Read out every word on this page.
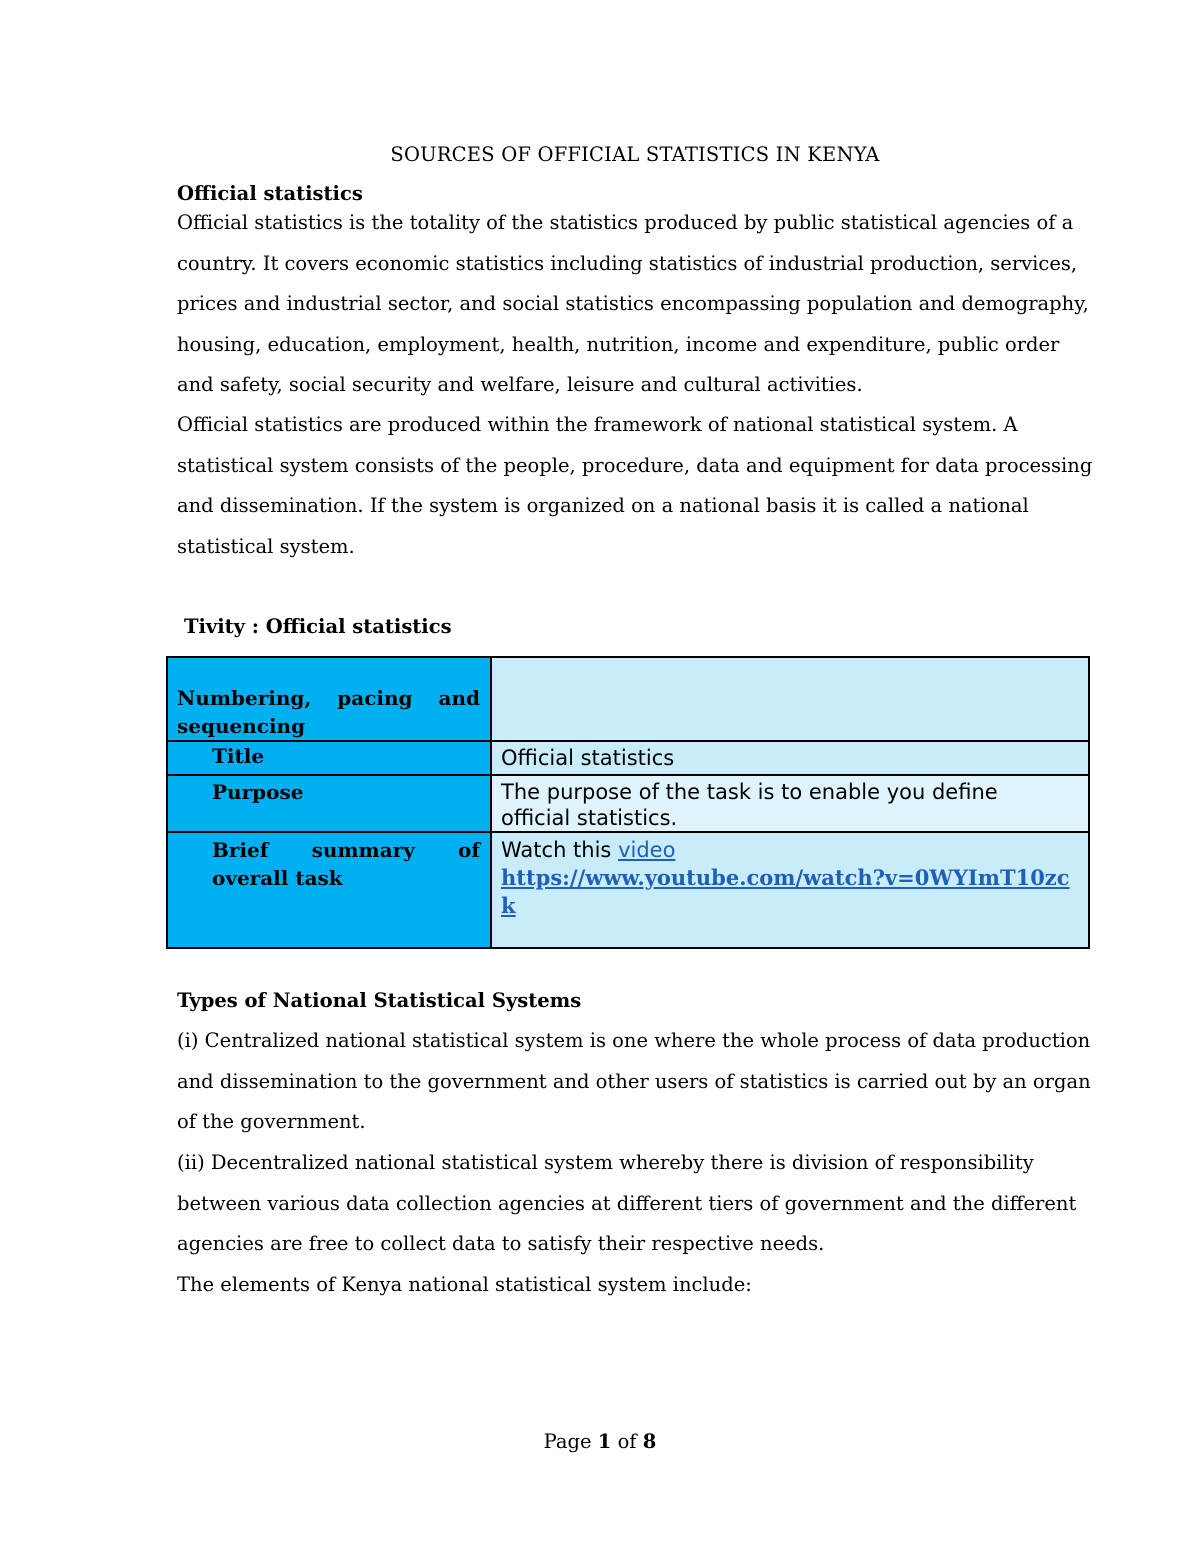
SOURCES OF OFFICIAL STATISTICS IN KENYA
Official statistics

Official statistics is the totality of the statistics produced by public statistical agencies of a country. It covers economic statistics including statistics of industrial production, services, prices and industrial sector, and social statistics encompassing population and demography, housing, education, employment, health, nutrition, income and expenditure, public order and safety, social security and welfare, leisure and cultural activities.

Official statistics are produced within the framework of national statistical system. A statistical system consists of the people, procedure, data and equipment for data processing and dissemination. If the system is organized on a national basis it is called a national statistical system.

Tivity : Official statistics
Numbering, pacing and sequencing	

Title	Official statistics

Purpose	The purpose of the task is to enable you define official statistics.

Brief summary of overall task	Watch this video
https://www.youtube.com/watch?v=0WYImT10zck
Types of National Statistical Systems

(i) Centralized national statistical system is one where the whole process of data production and dissemination to the government and other users of statistics is carried out by an organ of the government.

(ii) Decentralized national statistical system whereby there is division of responsibility between various data collection agencies at different tiers of government and the different agencies are free to collect data to satisfy their respective needs.

The elements of Kenya national statistical system include:

Page 1 of 8
